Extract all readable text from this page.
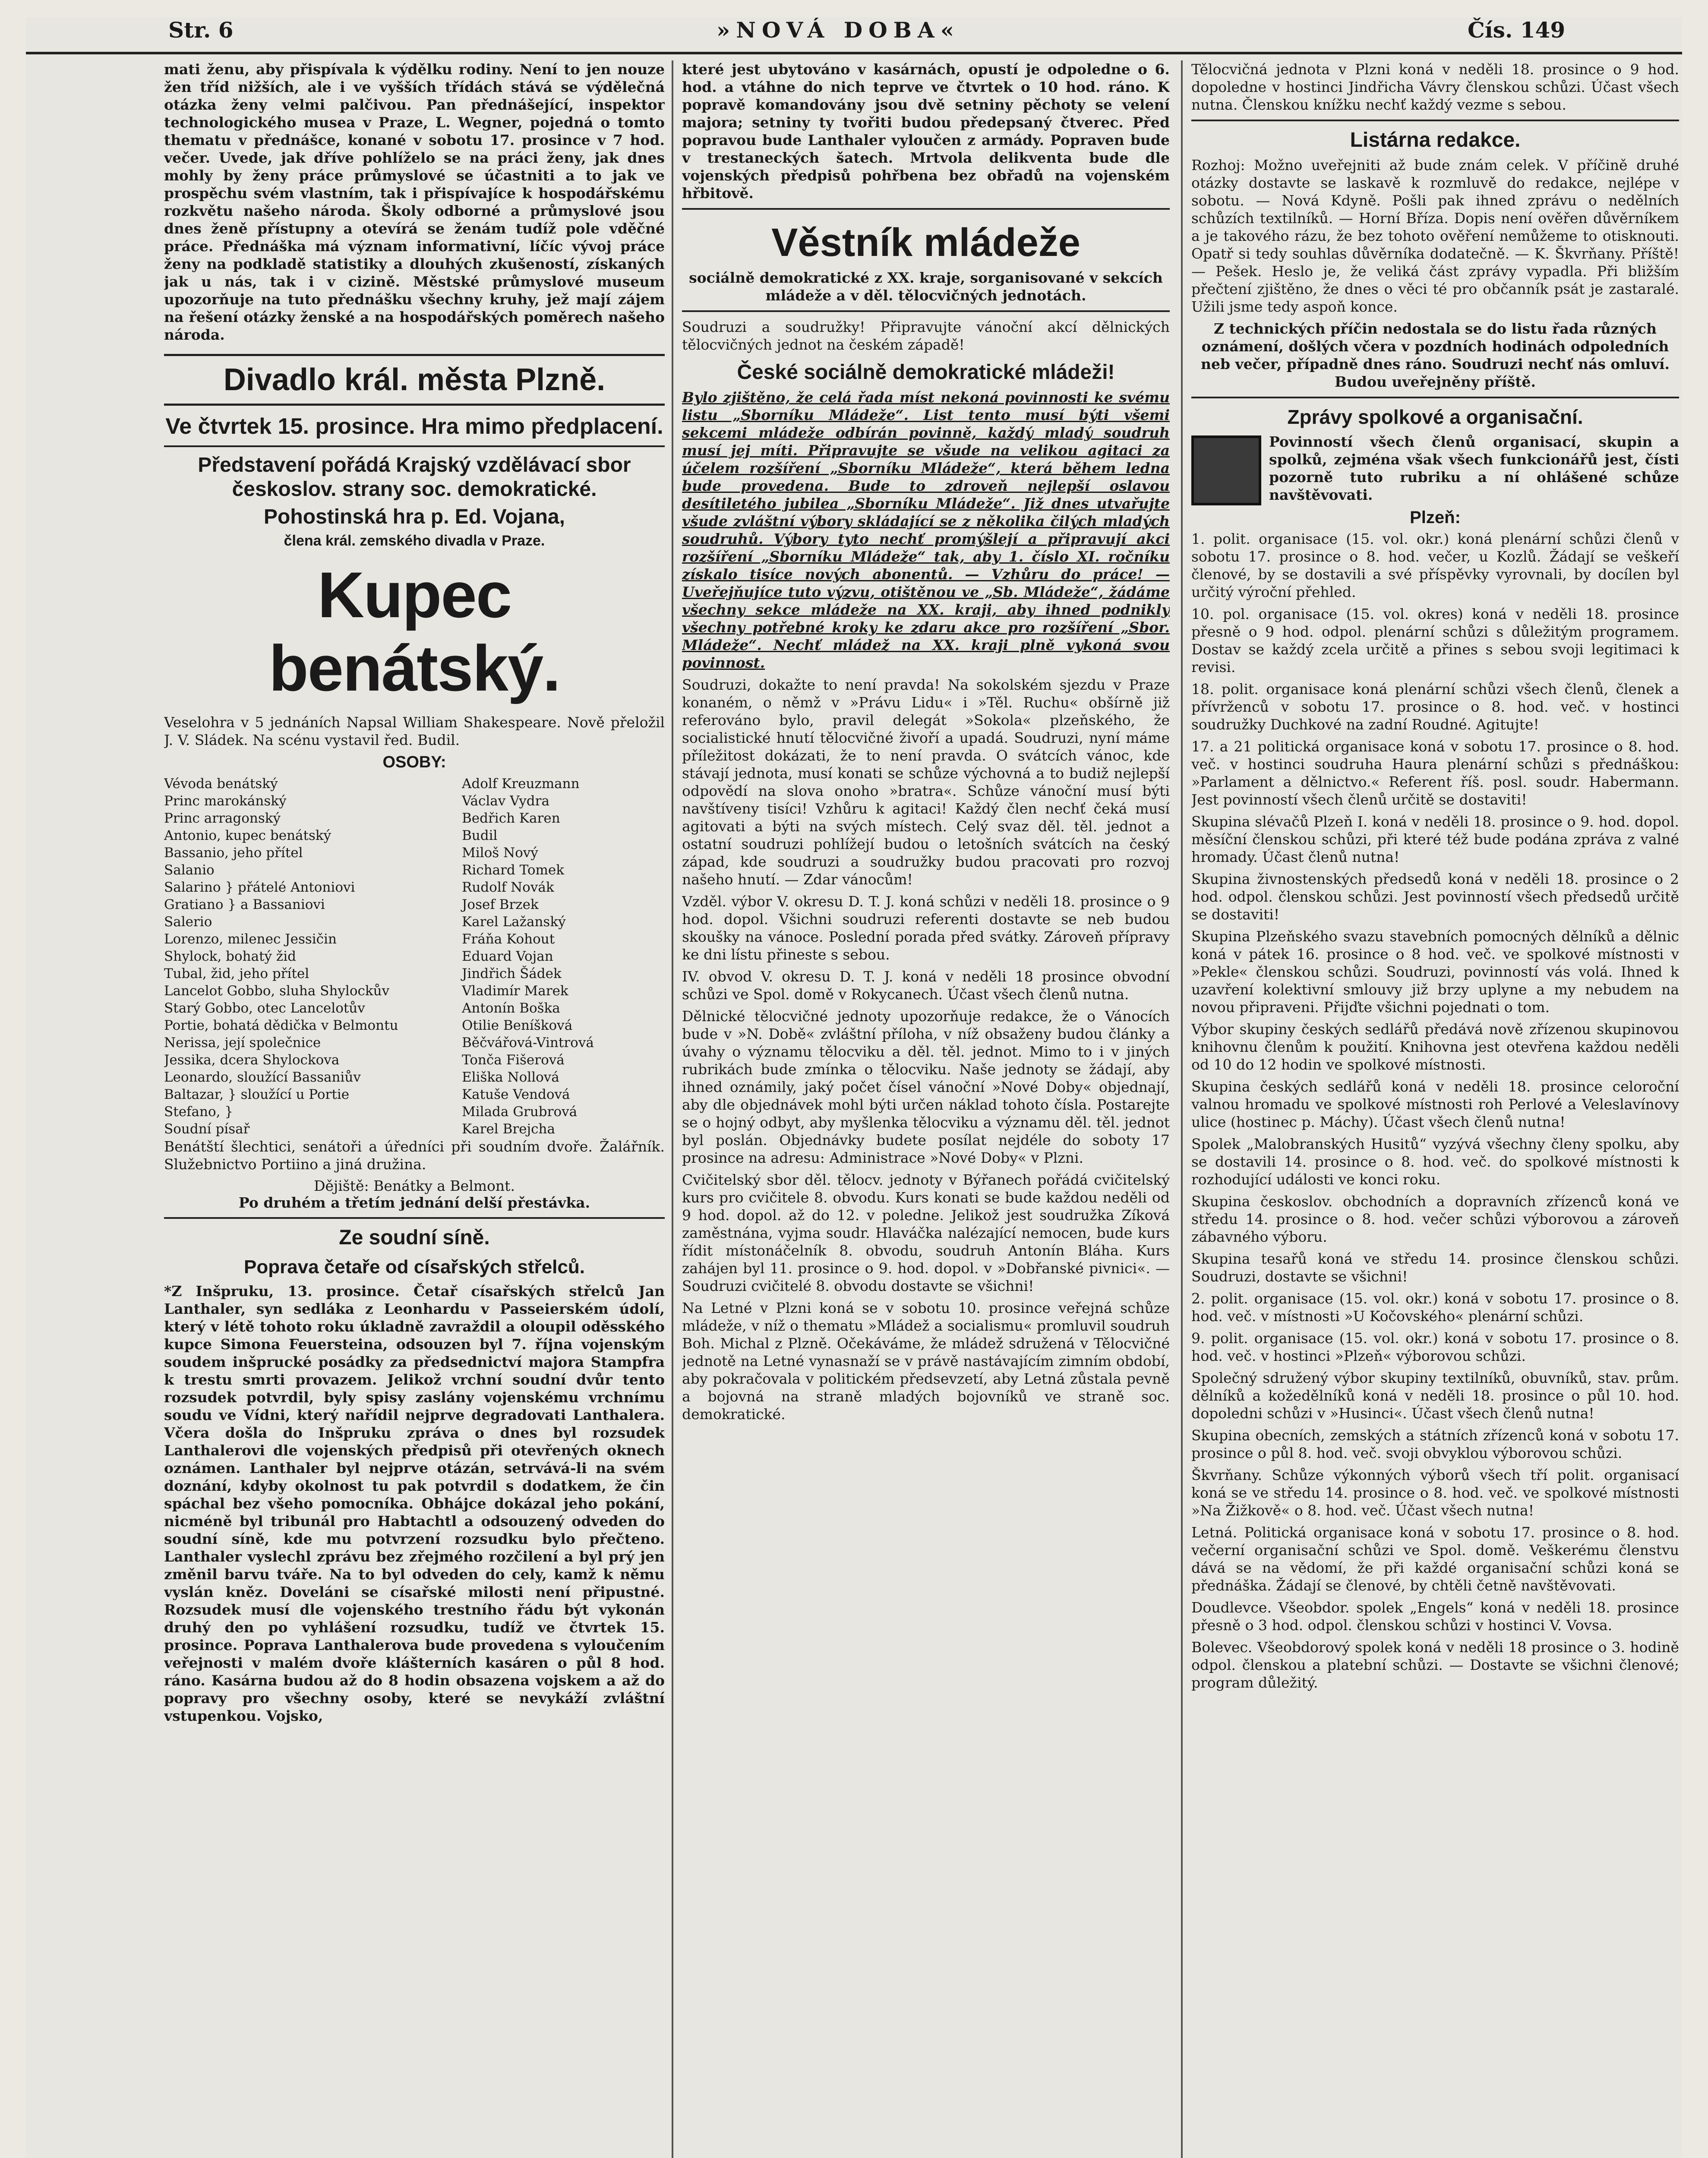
Str. 6	»NOVÁ DOBA«	Čís. 149

mati ženu, aby přispívala k výdělku rodiny. Není to jen nouze žen tříd nižších, ale i ve vyšších třídách stává se výdělečná otázka ženy velmi palčivou. Pan přednášející, inspektor technologického musea v Praze, L. Wegner, pojedná o tomto thematu v přednášce, konané v sobotu 17. prosince v 7 hod. večer. Uvede, jak dříve pohlíželo se na práci ženy, jak dnes mohly by ženy práce průmyslové se účastniti a to jak ve prospěchu svém vlastním, tak i přispívajíce k hospodářskému rozkvětu našeho národa. Školy odborné a průmyslové jsou dnes ženě přístupny a otevírá se ženám tudíž pole vděčné práce. Přednáška má význam informativní, líčíc vývoj práce ženy na podkladě statistiky a dlouhých zkušeností, získaných jak u nás, tak i v cizině. Městské průmyslové museum upozorňuje na tuto přednášku všechny kruhy, jež mají zájem na řešení otázky ženské a na hospodářských poměrech našeho národa.

Divadlo král. města Plzně.
Ve čtvrtek 15. prosince. Hra mimo předplacení.
Představení pořádá Krajský vzdělávací sbor českoslov. strany soc. demokratické.
Pohostinská hra p. Ed. Vojana,
člena král. zemského divadla v Praze.
Kupec benátský.

Veselohra v 5 jednáních Napsal William Shakespeare. Nově přeložil J. V. Sládek. Na scénu vystavil řed. Budil.

OSOBY:
Vévoda benátský	Adolf Kreuzmann
Princ marokánský	Václav Vydra
Princ arragonský	Bedřich Karen
Antonio, kupec benátský	Budil
Bassanio, jeho přítel	Miloš Nový
Salanio	Richard Tomek
Salarino } přátelé Antoniovi	Rudolf Novák
Gratiano } a Bassaniovi	Josef Brzek
Salerio	Karel Lažanský
Lorenzo, milenec Jessičin	Fráňa Kohout
Shylock, bohatý žid	Eduard Vojan
Tubal, žid, jeho přítel	Jindřich Šádek
Lancelot Gobbo, sluha Shylockův	Vladimír Marek
Starý Gobbo, otec Lancelotův	Antonín Boška
Portie, bohatá dědička v Belmontu	Otilie Beníšková
Nerissa, její společnice	Běčvářová-Vintrová
Jessika, dcera Shylockova	Tonča Fišerová
Leonardo, sloužící Bassaniův	Eliška Nollová
Baltazar, } sloužící u Portie	Katuše Vendová
Stefano, }	Milada Grubrová
Soudní písař	Karel Brejcha

Benátští šlechtici, senátoři a úředníci při soudním dvoře. Žalářník. Služebnictvo Portiino a jiná družina.

Dějiště: Benátky a Belmont.
Po druhém a třetím jednání delší přestávka.
Ze soudní síně.
Poprava četaře od císařských střelců.

*Z Inšpruku, 13. prosince. Četař císařských střelců Jan Lanthaler, syn sedláka z Leonhardu v Passeierském údolí, který v létě tohoto roku úkladně zavraždil a oloupil oděsského kupce Simona Feuersteina, odsouzen byl 7. října vojenským soudem inšprucké posádky za předsednictví majora Stampfra k trestu smrti provazem. Jelikož vrchní soudní dvůr tento rozsudek potvrdil, byly spisy zaslány vojenskému vrchnímu soudu ve Vídni, který nařídil nejprve degradovati Lanthalera. Včera došla do Inšpruku zpráva o dnes byl rozsudek Lanthalerovi dle vojenských předpisů při otevřených oknech oznámen. Lanthaler byl nejprve otázán, setrvává-li na svém doznání, kdyby okolnost tu pak potvrdil s dodatkem, že čin spáchal bez všeho pomocníka. Obhájce dokázal jeho pokání, nicméně byl tribunál pro Habtachtl a odsouzený odveden do soudní síně, kde mu potvrzení rozsudku bylo přečteno. Lanthaler vyslechl zprávu bez zřejmého rozčilení a byl prý jen změnil barvu tváře. Na to byl odveden do cely, kamž k němu vyslán kněz. Doveláni se císařské milosti není připustné. Rozsudek musí dle vojenského trestního řádu být vykonán druhý den po vyhlášení rozsudku, tudíž ve čtvrtek 15. prosince. Poprava Lanthalerova bude provedena s vyloučením veřejnosti v malém dvoře klášterních kasáren o půl 8 hod. ráno. Kasárna budou až do 8 hodin obsazena vojskem a až do popravy pro všechny osoby, které se nevykáží zvláštní vstupenkou. Vojsko,

které jest ubytováno v kasárnách, opustí je odpoledne o 6. hod. a vtáhne do nich teprve ve čtvrtek o 10 hod. ráno. K popravě komandovány jsou dvě setniny pěchoty se velení majora; setniny ty tvořiti budou předepsaný čtverec. Před popravou bude Lanthaler vyloučen z armády. Popraven bude v trestaneckých šatech. Mrtvola delikventa bude dle vojenských předpisů pohřbena bez obřadů na vojenském hřbitově.

Věstník mládeže

sociálně demokratické z XX. kraje, sorganisované v sekcích mládeže a v děl. tělocvičných jednotách.

Soudruzi a soudružky! Připravujte vánoční akcí dělnických tělocvičných jednot na českém západě!

České sociálně demokratické mládeži!

Bylo zjištěno, že celá řada míst nekoná povinnosti ke svému listu „Sborníku Mládeže“. List tento musí býti všemi sekcemi mládeže odbírán povinně, každý mladý soudruh musí jej míti. Připravujte se všude na velikou agitaci za účelem rozšíření „Sborníku Mládeže“, která během ledna bude provedena. Bude to zdroveň nejlepší oslavou desítiletého jubilea „Sborníku Mládeže“. Již dnes utvařujte všude zvláštní výbory skládající se z několika čilých mladých soudruhů. Výbory tyto nechť promýšlejí a připravují akci rozšíření „Sborníku Mládeže“ tak, aby 1. číslo XI. ročníku získalo tisíce nových abonentů. — Vzhůru do práce! — Uveřejňujíce tuto výzvu, otištěnou ve „Sb. Mládeže“, žádáme všechny sekce mládeže na XX. kraji, aby ihned podnikly všechny potřebné kroky ke zdaru akce pro rozšíření „Sbor. Mládeže“. Nechť mládež na XX. kraji plně vykoná svou povinnost.

Soudruzi, dokažte to není pravda! Na sokolském sjezdu v Praze konaném, o němž v »Právu Lidu« i »Těl. Ruchu« obšírně již referováno bylo, pravil delegát »Sokola« plzeňského, že socialistické hnutí tělocvičné živoří a upadá. Soudruzi, nyní máme příležitost dokázati, že to není pravda. O svátcích vánoc, kde stávají jednota, musí konati se schůze výchovná a to budiž nejlepší odpovědí na slova onoho »bratra«. Schůze vánoční musí býti navštíveny tisíci! Vzhůru k agitaci! Každý člen nechť čeká musí agitovati a býti na svých místech. Celý svaz děl. těl. jednot a ostatní soudruzi pohlížejí budou o letošních svátcích na český západ, kde soudruzi a soudružky budou pracovati pro rozvoj našeho hnutí. — Zdar vánocům!

Vzděl. výbor V. okresu D. T. J. koná schůzi v neděli 18. prosince o 9 hod. dopol. Všichni soudruzi referenti dostavte se neb budou skoušky na vánoce. Poslední porada před svátky. Zároveň přípravy ke dni lístu přineste s sebou.

IV. obvod V. okresu D. T. J. koná v neděli 18 prosince obvodní schůzi ve Spol. domě v Rokycanech. Účast všech členů nutna.

Dělnické tělocvičné jednoty upozorňuje redakce, že o Vánocích bude v »N. Době« zvláštní příloha, v níž obsaženy budou články a úvahy o významu tělocviku a děl. těl. jednot. Mimo to i v jiných rubrikách bude zmínka o tělocviku. Naše jednoty se žádají, aby ihned oznámily, jaký počet čísel vánoční »Nové Doby« objednají, aby dle objednávek mohl býti určen náklad tohoto čísla. Postarejte se o hojný odbyt, aby myšlenka tělocviku a významu děl. těl. jednot byl poslán. Objednávky budete posílat nejdéle do soboty 17 prosince na adresu: Administrace »Nové Doby« v Plzni.

Cvičitelský sbor děl. tělocv. jednoty v Býřanech pořádá cvičitelský kurs pro cvičitele 8. obvodu. Kurs konati se bude každou neděli od 9 hod. dopol. až do 12. v poledne. Jelikož jest soudružka Zíková zaměstnána, vyjma soudr. Hlaváčka nalézající nemocen, bude kurs řídit místonáčelník 8. obvodu, soudruh Antonín Bláha. Kurs zahájen byl 11. prosince o 9. hod. dopol. v »Dobřanské pivnici«. — Soudruzi cvičitelé 8. obvodu dostavte se všichni!

Na Letné v Plzni koná se v sobotu 10. prosince veřejná schůze mládeže, v níž o thematu »Mládež a socialismu« promluvil soudruh Boh. Michal z Plzně. Očekáváme, že mládež sdružená v Tělocvičné jednotě na Letné vynasnaží se v právě nastávajícím zimním období, aby pokračovala v politickém předsevzetí, aby Letná zůstala pevně a bojovná na straně mladých bojovníků ve straně soc. demokratické.

Tělocvičná jednota v Plzni koná v neděli 18. prosince o 9 hod. dopoledne v hostinci Jindřicha Vávry členskou schůzi. Účast všech nutna. Členskou knížku nechť každý vezme s sebou.

Listárna redakce.

Rozhoj: Možno uveřejniti až bude znám celek. V příčině druhé otázky dostavte se laskavě k rozmluvě do redakce, nejlépe v sobotu. — Nová Kdyně. Pošli pak ihned zprávu o nedělních schůzích textilníků. — Horní Bříza. Dopis není ověřen důvěrníkem a je takového rázu, že bez tohoto ověření nemůžeme to otisknouti. Opatř si tedy souhlas důvěrníka dodatečně. — K. Škvrňany. Příště! — Pešek. Heslo je, že veliká část zprávy vypadla. Při bližším přečtení zjištěno, že dnes o věci té pro občanník psát je zastaralé. Užili jsme tedy aspoň konce.

Z technických příčin nedostala se do listu řada různých oznámení, došlých včera v pozdních hodinách odpoledních neb večer, případně dnes ráno. Soudruzi nechť nás omluví. Budou uveřejněny příště.

Zprávy spolkové a organisační.

Povinností všech členů organisací, skupin a spolků, zejména však všech funkcionářů jest, čísti pozorně tuto rubriku a ní ohlášené schůze navštěvovati.

Plzeň:

1. polit. organisace (15. vol. okr.) koná plenární schůzi členů v sobotu 17. prosince o 8. hod. večer, u Kozlů. Žádají se veškeří členové, by se dostavili a své příspěvky vyrovnali, by docílen byl určitý výroční přehled.

10. pol. organisace (15. vol. okres) koná v neděli 18. prosince přesně o 9 hod. odpol. plenární schůzi s důležitým programem. Dostav se každý zcela určitě a přines s sebou svoji legitimaci k revisi.

18. polit. organisace koná plenární schůzi všech členů, členek a přívrženců v sobotu 17. prosince o 8. hod. več. v hostinci soudružky Duchkové na zadní Roudné. Agitujte!

17. a 21 politická organisace koná v sobotu 17. prosince o 8. hod. več. v hostinci soudruha Haura plenární schůzi s přednáškou: »Parlament a dělnictvo.« Referent říš. posl. soudr. Habermann. Jest povinností všech členů určitě se dostaviti!

Skupina slévačů Plzeň I. koná v neděli 18. prosince o 9. hod. dopol. měsíční členskou schůzi, při které též bude podána zpráva z valné hromady. Účast členů nutna!

Skupina živnostenských předsedů koná v neděli 18. prosince o 2 hod. odpol. členskou schůzi. Jest povinností všech předsedů určitě se dostaviti!

Skupina Plzeňského svazu stavebních pomocných dělníků a dělnic koná v pátek 16. prosince o 8 hod. več. ve spolkové místnosti v »Pekle« členskou schůzi. Soudruzi, povinností vás volá. Ihned k uzavření kolektivní smlouvy již brzy uplyne a my nebudem na novou připraveni. Přijďte všichni pojednati o tom.

Výbor skupiny českých sedlářů předává nově zřízenou skupinovou knihovnu členům k použití. Knihovna jest otevřena každou neděli od 10 do 12 hodin ve spolkové místnosti.

Skupina českých sedlářů koná v neděli 18. prosince celoroční valnou hromadu ve spolkové místnosti roh Perlové a Veleslavínovy ulice (hostinec p. Máchy). Účast všech členů nutna!

Spolek „Malobranských Husitů“ vyzývá všechny členy spolku, aby se dostavili 14. prosince o 8. hod. več. do spolkové místnosti k rozhodující události ve konci roku.

Skupina českoslov. obchodních a dopravních zřízenců koná ve středu 14. prosince o 8. hod. večer schůzi výborovou a zároveň zábavného výboru.

Skupina tesařů koná ve středu 14. prosince členskou schůzi. Soudruzi, dostavte se všichni!

2. polit. organisace (15. vol. okr.) koná v sobotu 17. prosince o 8. hod. več. v místnosti »U Kočovského« plenární schůzi.

9. polit. organisace (15. vol. okr.) koná v sobotu 17. prosince o 8. hod. več. v hostinci »Plzeň« výborovou schůzi.

Společný sdružený výbor skupiny textilníků, obuvníků, stav. prům. dělníků a kožedělníků koná v neděli 18. prosince o půl 10. hod. dopoledni schůzi v »Husinci«. Účast všech členů nutna!

Skupina obecních, zemských a státních zřízenců koná v sobotu 17. prosince o půl 8. hod. več. svoji obvyklou výborovou schůzi.

Škvrňany. Schůze výkonných výborů všech tří polit. organisací koná se ve středu 14. prosince o 8. hod. več. ve spolkové místnosti »Na Žižkově« o 8. hod. več. Účast všech nutna!

Letná. Politická organisace koná v sobotu 17. prosince o 8. hod. večerní organisační schůzi ve Spol. domě. Veškerému členstvu dává se na vědomí, že při každé organisační schůzi koná se přednáška. Žádají se členové, by chtěli četně navštěvovati.

Doudlevce. Všeobdor. spolek „Engels“ koná v neděli 18. prosince přesně o 3 hod. odpol. členskou schůzi v hostinci V. Vovsa.

Bolevec. Všeobdorový spolek koná v neděli 18 prosince o 3. hodině odpol. členskou a platební schůzi. — Dostavte se všichni členové; program důležitý.
